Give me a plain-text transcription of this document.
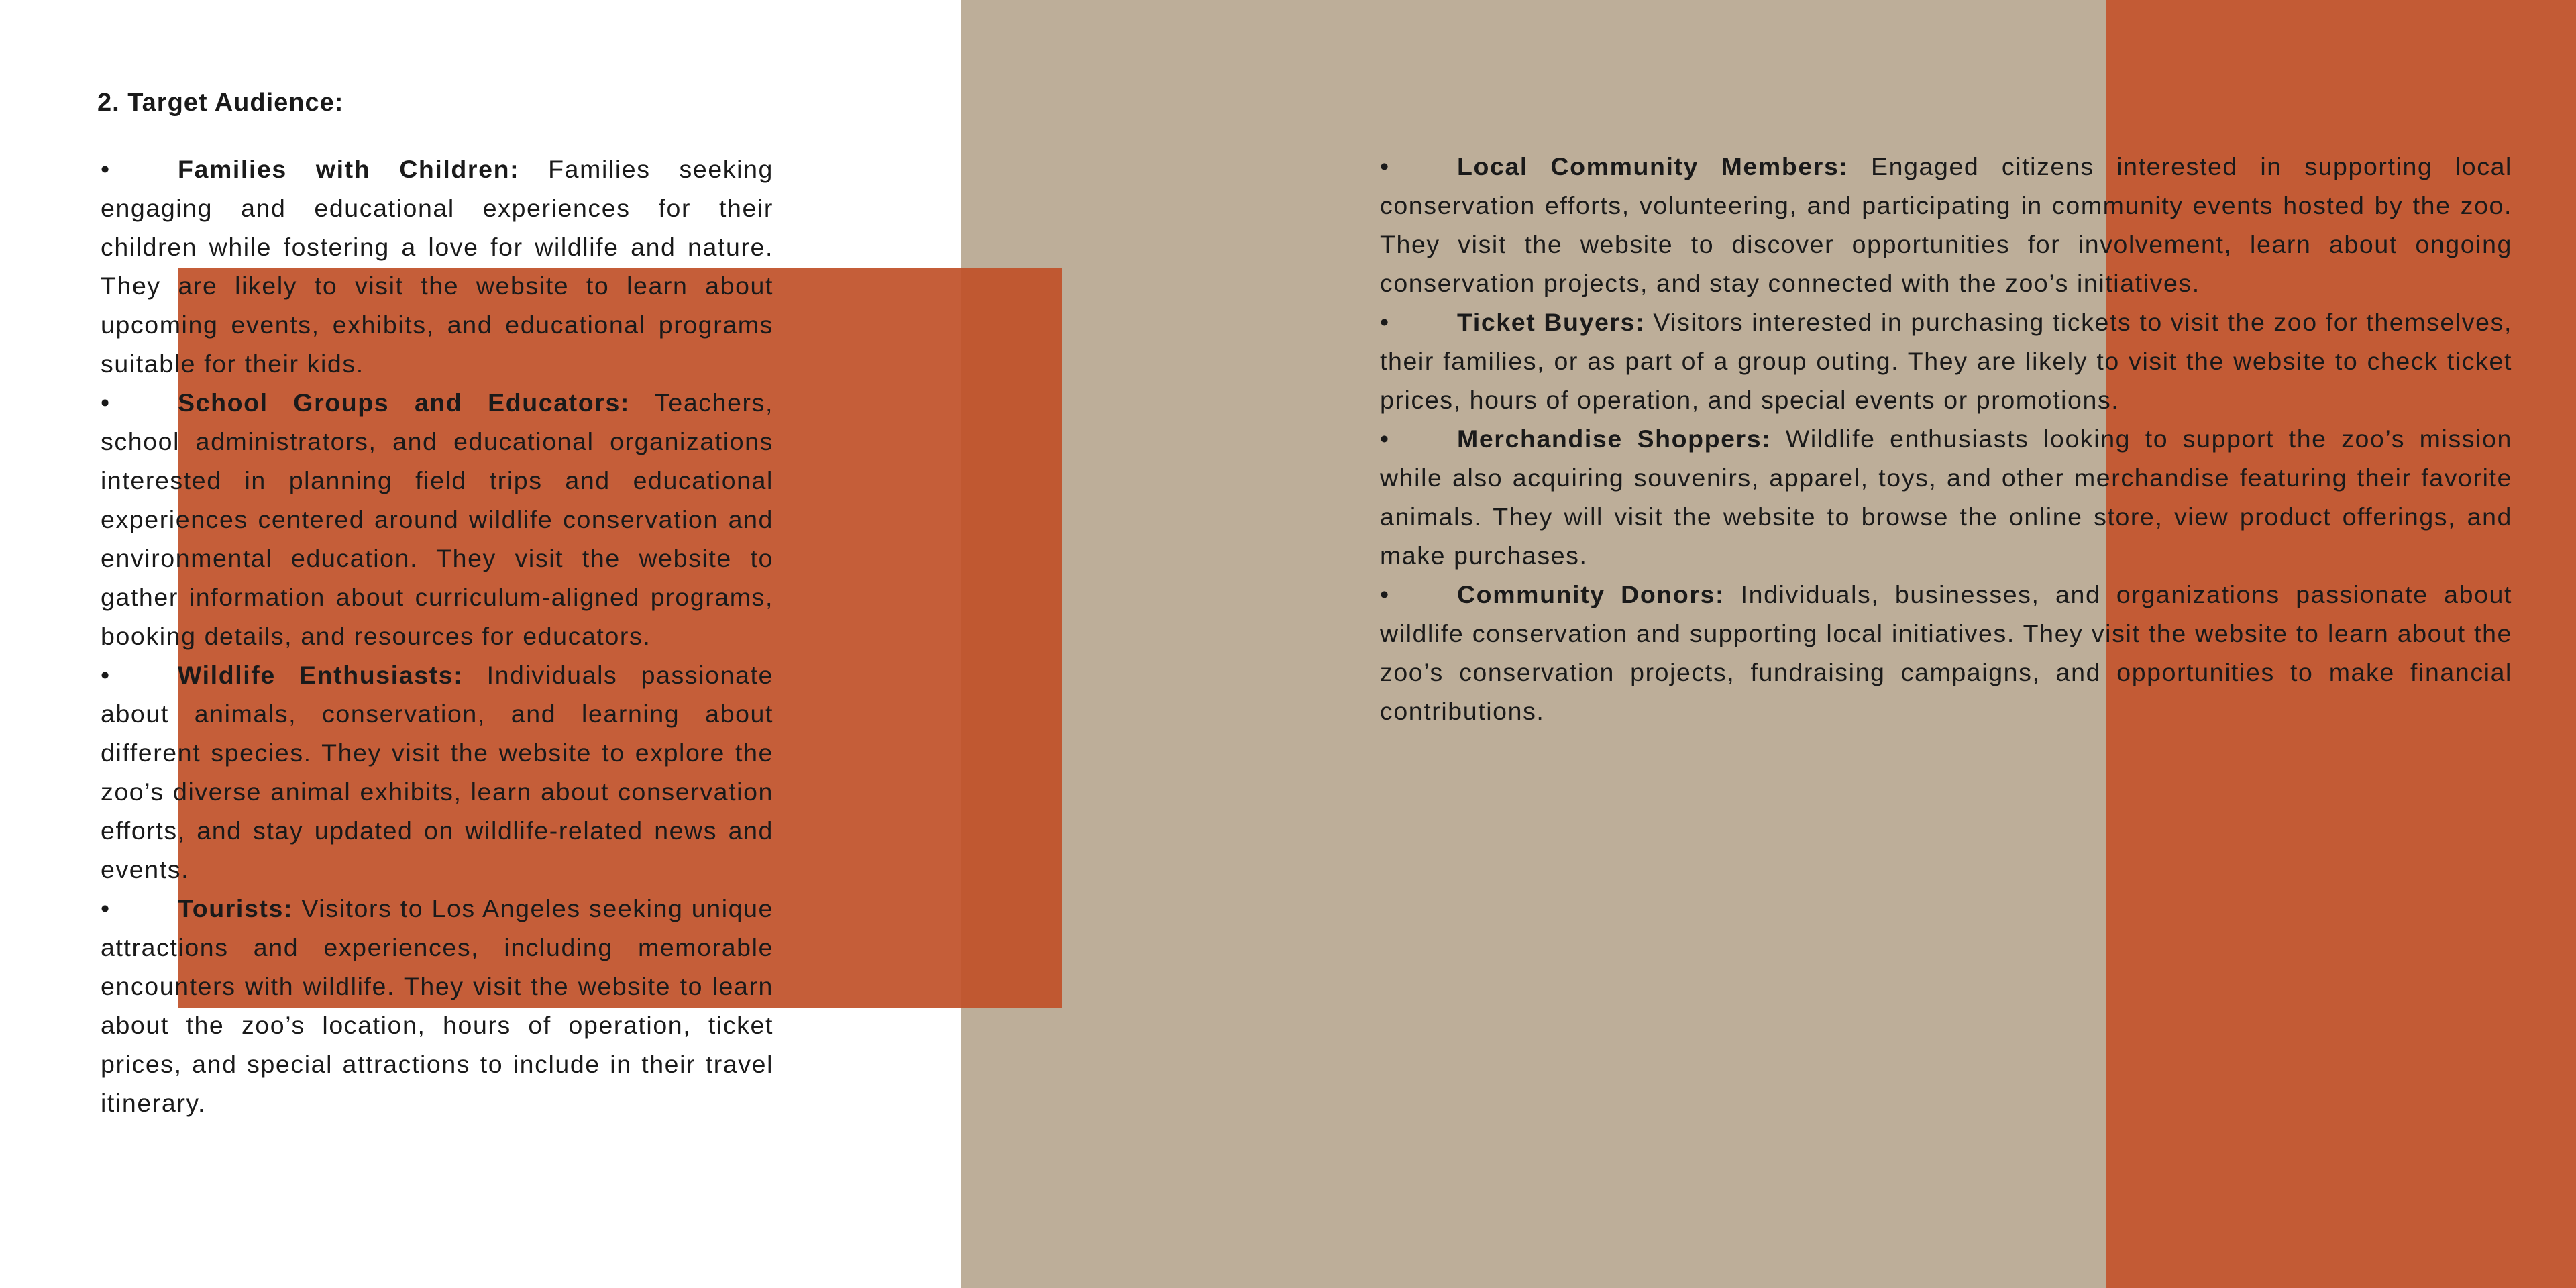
2. Target Audience:
•	Families with Children: Families seeking engaging and educational experiences for their children while fostering a love for wildlife and nature. They are likely to visit the website to learn about upcoming events, exhibits, and educational programs suitable for their kids.
•	School Groups and Educators: Teachers, school administrators, and educational organizations interested in planning field trips and educational experiences centered around wildlife conservation and environmental education. They visit the website to gather information about curriculum-aligned programs, booking details, and resources for educators.
•	Wildlife Enthusiasts: Individuals passionate about animals, conservation, and learning about different species. They visit the website to explore the zoo’s diverse animal exhibits, learn about conservation efforts, and stay updated on wildlife-related news and events.
•	Tourists: Visitors to Los Angeles seeking unique attractions and experiences, including memorable encounters with wildlife. They visit the website to learn about the zoo’s location, hours of operation, ticket prices, and special attractions to include in their travel itinerary.
•	Local Community Members: Engaged citizens interested in supporting local conservation efforts, volunteering, and participating in community events hosted by the zoo. They visit the website to discover opportunities for involvement, learn about ongoing conservation projects, and stay connected with the zoo’s initiatives.
•	Ticket Buyers: Visitors interested in purchasing tickets to visit the zoo for themselves, their families, or as part of a group outing. They are likely to visit the website to check ticket prices, hours of operation, and special events or promotions.
•	Merchandise Shoppers: Wildlife enthusiasts looking to support the zoo’s mission while also acquiring souvenirs, apparel, toys, and other merchandise featuring their favorite animals. They will visit the website to browse the online store, view product offerings, and make purchases.
•	Community Donors: Individuals, businesses, and organizations passionate about wildlife conservation and supporting local initiatives. They visit the website to learn about the zoo’s conservation projects, fundraising campaigns, and opportunities to make financial contributions.
